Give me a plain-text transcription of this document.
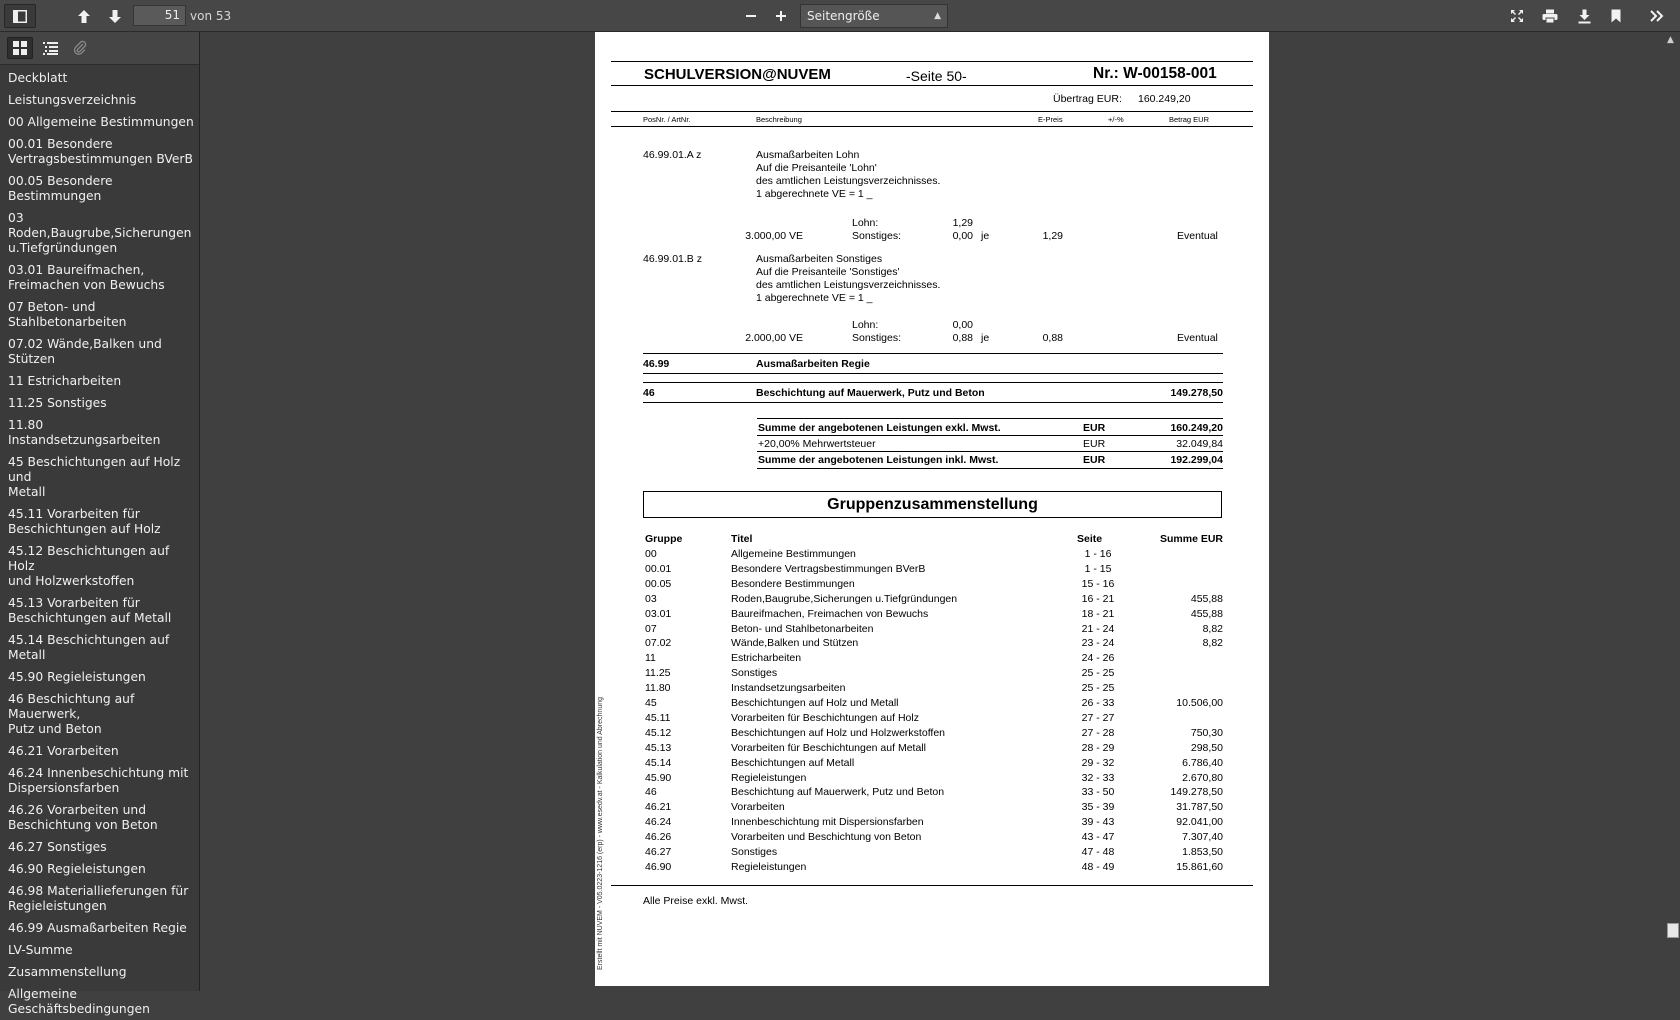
51 von 53	Seitengröße	▲

Deckblatt
Leistungsverzeichnis
00 Allgemeine Bestimmungen
00.01 Besondere
Vertragsbestimmungen BVerB
00.05 Besondere Bestimmungen
03
Roden,Baugrube,Sicherungen
u.Tiefgründungen
03.01 Baureifmachen,
Freimachen von Bewuchs
07 Beton- und
Stahlbetonarbeiten
07.02 Wände,Balken und Stützen
11 Estricharbeiten
11.25 Sonstiges
11.80 Instandsetzungsarbeiten
45 Beschichtungen auf Holz und
Metall
45.11 Vorarbeiten für
Beschichtungen auf Holz
45.12 Beschichtungen auf Holz
und Holzwerkstoffen
45.13 Vorarbeiten für
Beschichtungen auf Metall
45.14 Beschichtungen auf Metall
45.90 Regieleistungen
46 Beschichtung auf Mauerwerk,
Putz und Beton
46.21 Vorarbeiten
46.24 Innenbeschichtung mit
Dispersionsfarben
46.26 Vorarbeiten und
Beschichtung von Beton
46.27 Sonstiges
46.90 Regieleistungen
46.98 Materiallieferungen für
Regieleistungen
46.99 Ausmaßarbeiten Regie
LV-Summe
Zusammenstellung
Allgemeine
Geschäftsbedingungen
▲
SCHULVERSION@NUVEM	-Seite 50-	Nr.: W-00158-001
Übertrag EUR: 160.249,20
PosNr. / ArtNr.	Beschreibung	E-Preis	+/-%	Betrag EUR
46.99.01.A z	Ausmaßarbeiten Lohn
Auf die Preisanteile 'Lohn'
des amtlichen Leistungsverzeichnisses.
1 abgerechnete VE = 1 _
Lohn:	1,29
3.000,00 VE	Sonstiges:	0,00 je	1,29	Eventual
46.99.01.B z	Ausmaßarbeiten Sonstiges
Auf die Preisanteile 'Sonstiges'
des amtlichen Leistungsverzeichnisses.
1 abgerechnete VE = 1 _
Lohn:	0,00
2.000,00 VE	Sonstiges:	0,88 je	0,88	Eventual
46.99	Ausmaßarbeiten Regie
46	Beschichtung auf Mauerwerk, Putz und Beton	149.278,50
Summe der angebotenen Leistungen exkl. Mwst.	EUR	160.249,20
+20,00% Mehrwertsteuer	EUR	32.049,84
Summe der angebotenen Leistungen inkl. Mwst.	EUR	192.299,04
Gruppenzusammenstellung
Gruppe	Titel	Seite	Summe EUR
00	Allgemeine Bestimmungen	1 - 16
00.01	Besondere Vertragsbestimmungen BVerB	1 - 15
00.05	Besondere Bestimmungen	15 - 16
03	Roden,Baugrube,Sicherungen u.Tiefgründungen	16 - 21	455,88
03.01	Baureifmachen, Freimachen von Bewuchs	18 - 21	455,88
07	Beton- und Stahlbetonarbeiten	21 - 24	8,82
07.02	Wände,Balken und Stützen	23 - 24	8,82
11	Estricharbeiten	24 - 26
11.25	Sonstiges	25 - 25
11.80	Instandsetzungsarbeiten	25 - 25
45	Beschichtungen auf Holz und Metall	26 - 33	10.506,00
45.11	Vorarbeiten für Beschichtungen auf Holz	27 - 27
45.12	Beschichtungen auf Holz und Holzwerkstoffen	27 - 28	750,30
45.13	Vorarbeiten für Beschichtungen auf Metall	28 - 29	298,50
45.14	Beschichtungen auf Metall	29 - 32	6.786,40
45.90	Regieleistungen	32 - 33	2.670,80
46	Beschichtung auf Mauerwerk, Putz und Beton	33 - 50	149.278,50
46.21	Vorarbeiten	35 - 39	31.787,50
46.24	Innenbeschichtung mit Dispersionsfarben	39 - 43	92.041,00
46.26	Vorarbeiten und Beschichtung von Beton	43 - 47	7.307,40
46.27	Sonstiges	47 - 48	1.853,50
46.90	Regieleistungen	48 - 49	15.861,60
Alle Preise exkl. Mwst.
Erstellt mit NUVEM - V05.0223-1216 (erp) - www.esedv.at - Kalkulation und Abrechnung
